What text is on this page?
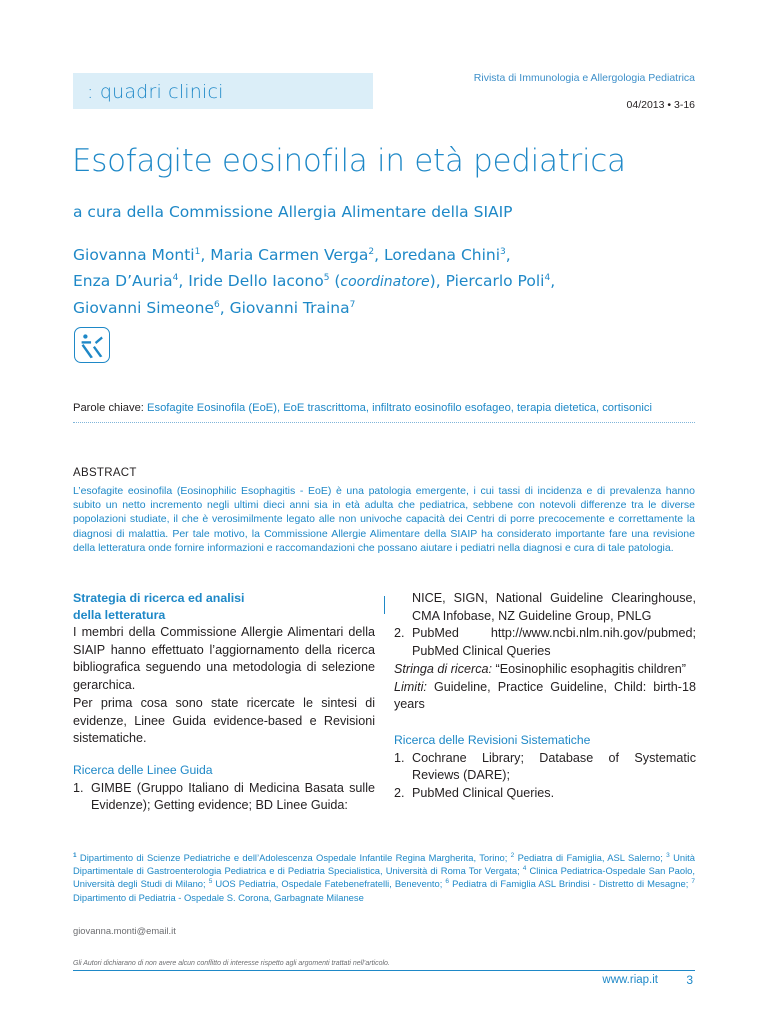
: quadri clinici
Rivista di Immunologia e Allergologia Pediatrica
04/2013 • 3-16
Esofagite eosinofila in età pediatrica
a cura della Commissione Allergia Alimentare della SIAIP
Giovanna Monti$^1$, Maria Carmen Verga$^2$, Loredana Chini$^3$,
Enza D’Auria$^4$, Iride Dello Iacono$^5$ (coordinatore), Piercarlo Poli$^4$,
Giovanni Simeone$^6$, Giovanni Traina$^7$
Parole chiave: Esofagite Eosinofila (EoE), EoE trascrittoma, infiltrato eosinofilo esofageo, terapia dietetica, cortisonici
ABSTRACT

L’esofagite eosinofila (Eosinophilic Esophagitis - EoE) è una patologia emergente, i cui tassi di incidenza e di prevalenza hanno subito un netto incremento negli ultimi dieci anni sia in età adulta che pediatrica, sebbene con notevoli differenze tra le diverse popolazioni studiate, il che è verosimilmente legato alle non univoche capacità dei Centri di porre precocemente e correttamente la diagnosi di malattia. Per tale motivo, la Commissione Allergie Alimentare della SIAIP ha considerato importante fare una revisione della letteratura onde fornire informazioni e raccomandazioni che possano aiutare i pediatri nella diagnosi e cura di tale patologia.

Strategia di ricerca ed analisi
della letteratura

I membri della Commissione Allergie Alimentari della SIAIP hanno effettuato l’aggiornamento della ricerca bibliografica seguendo una metodologia di selezione gerarchica.

Per prima cosa sono state ricercate le sintesi di evidenze, Linee Guida evidence-based e Revisioni sistematiche.

Ricerca delle Linee Guida
1. GIMBE (Gruppo Italiano di Medicina Basata sulle Evidenze); Getting evidence; BD Linee Guida:
NICE, SIGN, National Guideline Clearinghouse, CMA Infobase, NZ Guideline Group, PNLG
2. PubMed http://www.ncbi.nlm.nih.gov/pubmed; PubMed Clinical Queries
Stringa di ricerca: “Eosinophilic esophagitis children”
Limiti: Guideline, Practice Guideline, Child: birth-18 years
Ricerca delle Revisioni Sistematiche
1. Cochrane Library; Database of Systematic Reviews (DARE);
2. PubMed Clinical Queries.
$^1$ Dipartimento di Scienze Pediatriche e dell’Adolescenza Ospedale Infantile Regina Margherita, Torino; $^2$ Pediatra di Famiglia, ASL Salerno; $^3$ Unità Dipartimentale di Gastroenterologia Pediatrica e di Pediatria Specialistica, Università di Roma Tor Vergata; $^4$ Clinica Pediatrica-Ospedale San Paolo, Università degli Studi di Milano; $^5$ UOS Pediatria, Ospedale Fatebenefratelli, Benevento; $^6$ Pediatra di Famiglia ASL Brindisi - Distretto di Mesagne; $^7$ Dipartimento di Pediatria - Ospedale S. Corona, Garbagnate Milanese
giovanna.monti@email.it
Gli Autori dichiarano di non avere alcun conflitto di interesse rispetto agli argomenti trattati nell’articolo.
www.riap.it 3
